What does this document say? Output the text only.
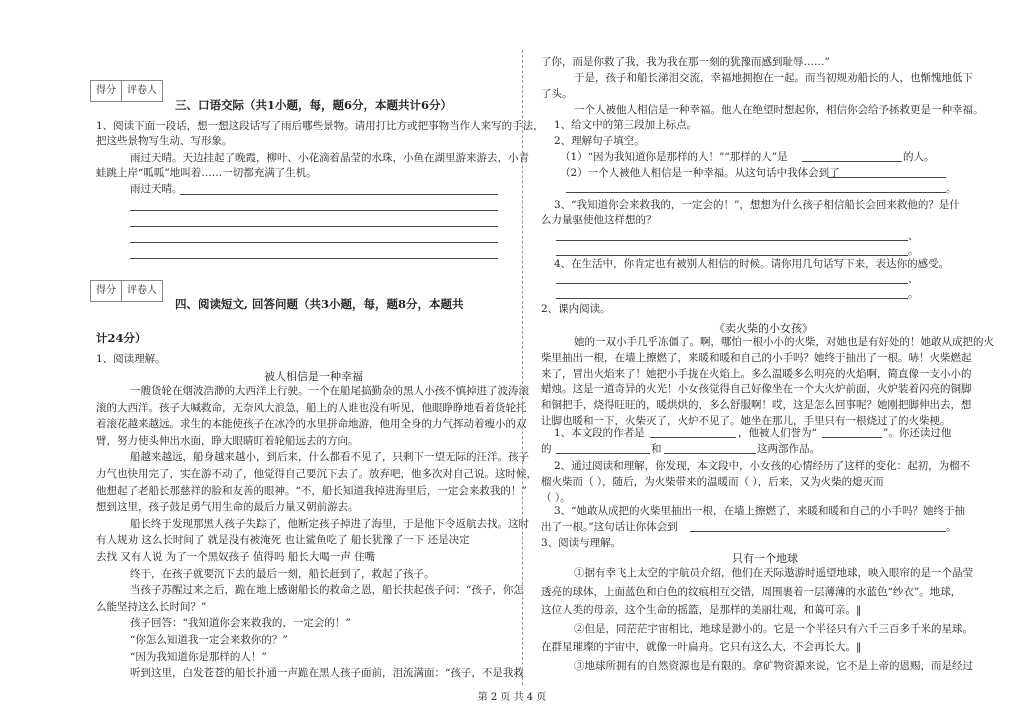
得分	评卷人
三、口语交际（共1小题，每，题6分，本题共计6分）
1、阅读下面一段话，想一想这段话写了雨后哪些景物。请用打比方或把事物当作人来写的手法，
把这些景物写生动、写形象。
雨过天晴。天边挂起了晚霞，柳叶、小花滴着晶莹的水珠，小鱼在湖里游来游去，小青
蛙跳上岸“呱呱”地叫着……一切都充满了生机。
雨过天晴。
得分	评卷人
四、阅读短文, 回答问题（共3小题，每，题8分，本题共
计24分）
1、阅读理解。
被人相信是一种幸福
一艘货轮在烟波浩渺的大西洋上行驶。一个在船尾搞勤杂的黑人小孩不慎掉进了波涛滚
滚的大西洋。孩子大喊救命，无奈风大浪急，船上的人谁也没有听见，他眼睁睁地看着货轮托
着滚花越来越远。求生的本能使孩子在冰冷的水里拼命地游，他用全身的力气挥动着瘦小的双
臂，努力使头伸出水面，睁大眼睛盯着轮船远去的方向。
船越来越远，船身越来越小，到后来，什么都看不见了，只剩下一望无际的汪洋。孩子
力气也快用完了，实在游不动了，他觉得自己要沉下去了。放弃吧，他多次对自己说。这时候，
他想起了老船长那慈祥的脸和友善的眼神。“不，船长知道我掉进海里后，一定会来救我的！”
想到这里，孩子鼓足勇气用生命的最后力量又朝前游去。
船长终于发现那黑人孩子失踪了，他断定孩子掉进了海里，于是他下令返航去找。这时
有人规劝 这么长时间了 就是没有被淹死 也让鲨鱼吃了 船长犹豫了一下 还是决定
去找 又有人说 为了一个黑奴孩子 值得吗 船长大喝一声 住嘴
终于，在孩子就要沉下去的最后一刻，船长赶到了，救起了孩子。
当孩子苏醒过来之后，跪在地上感谢船长的救命之恩，船长扶起孩子问：“孩子，你怎
么能坚持这么长时间？”
孩子回答：“我知道你会来救我的，一定会的！”
“你怎么知道我一定会来救你的？”
“因为我知道你是那样的人！”
听到这里，白发苍苍的船长扑通一声跪在黑人孩子面前，泪流满面：“孩子，不是我救
了你，而是你救了我，我为我在那一刻的犹豫而感到耻辱……”
于是，孩子和船长涕泪交流，幸福地拥抱在一起。而当初规劝船长的人，也惭愧地低下
了头。
一个人被他人相信是一种幸福。他人在绝望时想起你，相信你会给予拯救更是一种幸福。
1、给文中的第三段加上标点。
2、理解句子填空。
（1）“因为我知道你是那样的人！”“那样的人”是	的人。
（2）一个人被他人相信是一种幸福。从这句话中我体会到了
。
3、“我知道你会来救我的，一定会的！”，想想为什么孩子相信船长会回来救他的？是什
么力量驱使他这样想的？
、
。
4、在生活中，你肯定也有被别人相信的时候。请你用几句话写下来，表达你的感受。
、
。
2、课内阅读。
《卖火柴的小女孩》
她的一双小手几乎冻僵了。啊，哪怕一根小小的火柴，对她也是有好处的！她敢从成把的火
柴里抽出一根，在墙上擦燃了，来暖和暖和自己的小手吗？她终于抽出了一根。哧！火柴燃起
来了，冒出火焰来了！她把小手拢在火焰上。多么温暖多么明亮的火焰啊，简直像一支小小的
蜡烛。这是一道奇异的火光！小女孩觉得自己好像坐在一个大火炉前面，火炉装着闪亮的铜脚
和铜把手，烧得旺旺的，暖烘烘的，多么舒服啊！哎，这是怎么回事呢？她刚把脚伸出去，想
让脚也暖和一下，火柴灭了，火炉不见了。她坐在那儿，手里只有一根烧过了的火柴梗。
1、本文段的作者是	，他被人们誉为“	”。你还读过他
的	和	这两部作品。
2、通过阅读和理解，你发现，本文段中，小女孩的心情经历了这样的变化：起初，为榴不
榴火柴而（ ），随后，为火柴带来的温暖而（ ），后来，又为火柴的熄灭而
（ ）。
3、“她敢从成把的火柴里抽出一根，在墙上擦燃了，来暖和暖和自己的小手吗？她终于抽
出了一根。”这句话让你体会到	。
3、阅读与理解。
只有一个地球
①据有幸飞上太空的宇航员介绍，他们在天际遨游时遥望地球，映入眼帘的是一个晶莹
透亮的球体，上面蓝色和白色的纹痕相互交错，周围裹着一层薄薄的水蓝色“纱衣”。地球，
这位人类的母亲，这个生命的摇篮，是那样的美丽壮观，和蔼可亲。‖
②但是，同茫茫宇宙相比，地球是渺小的。它是一个半径只有六千三百多千米的星球。
在群星璀璨的宇宙中，就像一叶扁舟。它只有这么大，不会再长大。‖
③地球所拥有的自然资源也是有限的。拿矿物资源来说，它不是上帝的恩赐，而是经过
第 2 页 共 4 页
